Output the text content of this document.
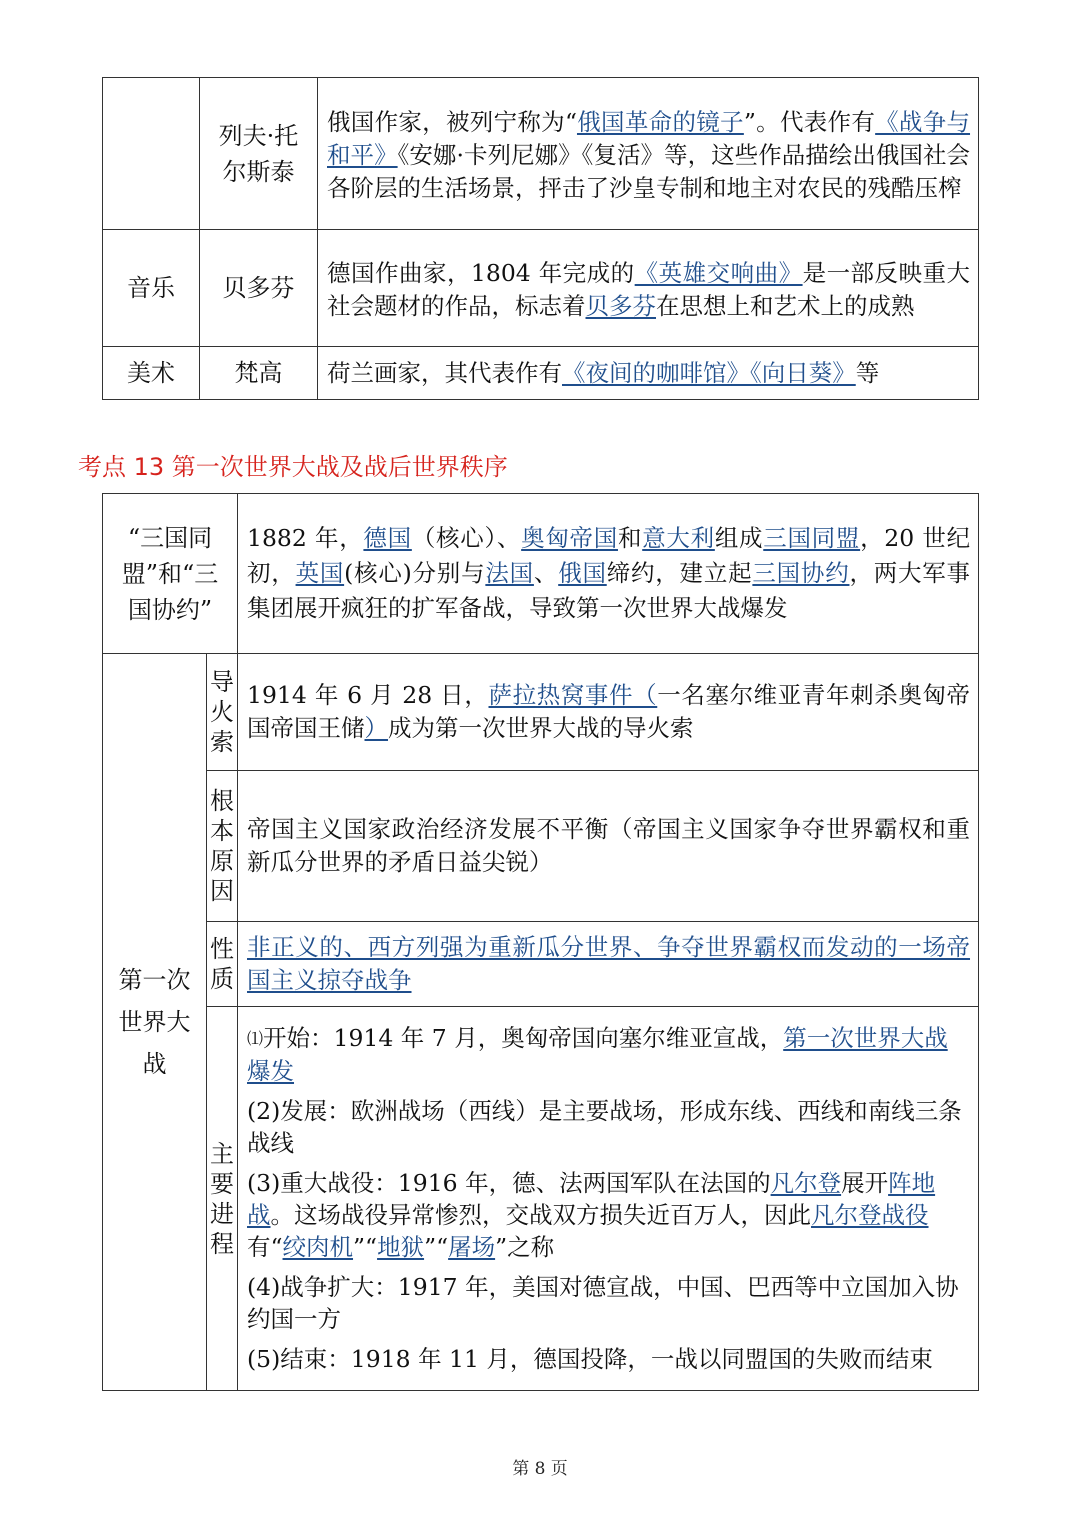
	列夫·托尔斯泰	俄国作家，被列宁称为“俄国革命的镜子”。代表作有《战争与和平》《安娜·卡列尼娜》《复活》等，这些作品描绘出俄国社会各阶层的生活场景，抨击了沙皇专制和地主对农民的残酷压榨
音乐	贝多芬	德国作曲家，1804 年完成的《英雄交响曲》是一部反映重大社会题材的作品，标志着贝多芬在思想上和艺术上的成熟
美术	梵高	荷兰画家，其代表作有《夜间的咖啡馆》《向日葵》等
考点 13 第一次世界大战及战后世界秩序
“三国同盟”和“三国协约”		1882 年，德国（核心）、奥匈帝国和意大利组成三国同盟，20 世纪初，英国(核心)分别与法国、俄国缔约，建立起三国协约，两大军事集团展开疯狂的扩军备战，导致第一次世界大战爆发
第一次世界大战	导火索	1914 年 6 月 28 日，萨拉热窝事件（一名塞尔维亚青年刺杀奥匈帝国帝国王储）成为第一次世界大战的导火索
	根本原因	帝国主义国家政治经济发展不平衡（帝国主义国家争夺世界霸权和重新瓜分世界的矛盾日益尖锐）
	性质	非正义的、西方列强为重新瓜分世界、争夺世界霸权而发动的一场帝国主义掠夺战争
	主要进程	⑴开始：1914 年 7 月，奥匈帝国向塞尔维亚宣战，第一次世界大战爆发

(2)发展：欧洲战场（西线）是主要战场，形成东线、西线和南线三条战线

(3)重大战役：1916 年，德、法两国军队在法国的凡尔登展开阵地战。这场战役异常惨烈，交战双方损失近百万人，因此凡尔登战役有“绞肉机”“地狱”“屠场”之称

(4)战争扩大：1917 年，美国对德宣战，中国、巴西等中立国加入协约国一方

(5)结束：1918 年 11 月，德国投降，一战以同盟国的失败而结束

第 8 页
